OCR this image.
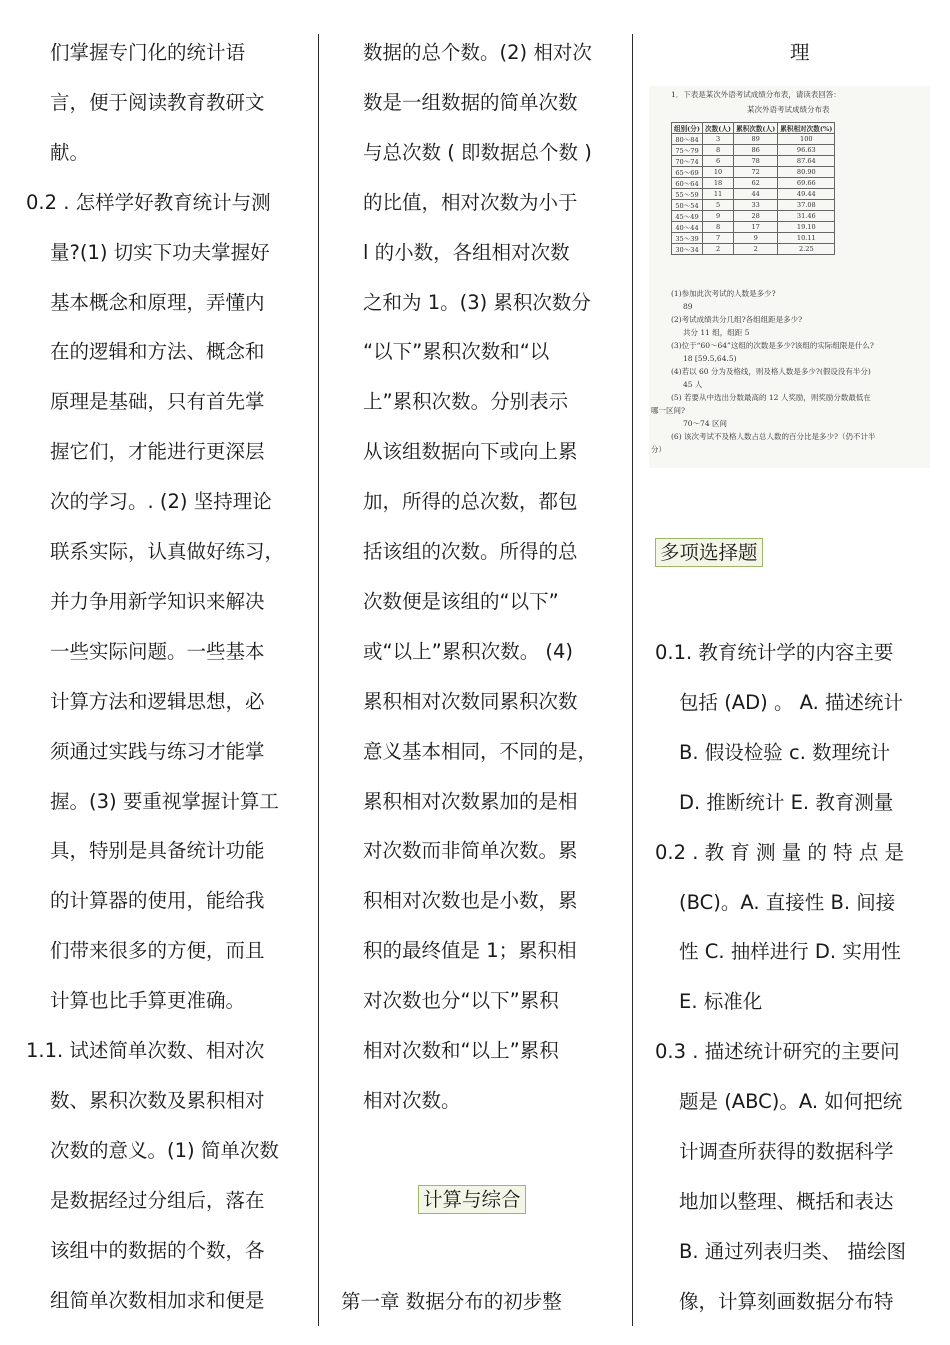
们掌握专门化的统计语
言，便于阅读教育教研文
献。
0.2 . 怎样学好教育统计与测
量?(1) 切实下功夫掌握好
基本概念和原理，弄懂内
在的逻辑和方法、概念和
原理是基础，只有首先掌
握它们，才能进行更深层
次的学习。. (2) 坚持理论
联系实际，认真做好练习，
并力争用新学知识来解决
一些实际问题。一些基本
计算方法和逻辑思想，必
须通过实践与练习才能掌
握。(3) 要重视掌握计算工
具，特别是具备统计功能
的计算器的使用，能给我
们带来很多的方便，而且
计算也比手算更准确。
1.1. 试述简单次数、相对次
数、累积次数及累积相对
次数的意义。(1) 简单次数
是数据经过分组后，落在
该组中的数据的个数，各
组简单次数相加求和便是
数据的总个数。(2) 相对次
数是一组数据的简单次数
与总次数 ( 即数据总个数 )
的比值，相对次数为小于
l 的小数，各组相对次数
之和为 1。(3) 累积次数分
“以下”累积次数和“以
上”累积次数。分别表示
从该组数据向下或向上累
加，所得的总次数，都包
括该组的次数。所得的总
次数便是该组的“以下”
或“以上”累积次数。 (4)
累积相对次数同累积次数
意义基本相同，不同的是，
累积相对次数累加的是相
对次数而非简单次数。累
积相对次数也是小数，累
积的最终值是 1；累积相
对次数也分“以下”累积
相对次数和“以上”累积
相对次数。
0.1. 教育统计学的内容主要
包括 (AD) 。 A. 描述统计
B. 假设检验 c. 数理统计
D. 推断统计 E. 教育测量
0.2 . 教 育 测 量 的 特 点 是
(BC)。A. 直接性 B. 间接
性 C. 抽样进行 D. 实用性
E. 标准化
0.3 . 描述统计研究的主要问
题是 (ABC)。A. 如何把统
计调查所获得的数据科学
地加以整理、概括和表达
B. 通过列表归类、 描绘图
像，计算刻画数据分布特
计算与综合
第一章 数据分布的初步整
理
1．下表是某次外语考试成绩分布表，请读表回答：
某次外语考试成绩分布表
组别(分)	次数(人)	累积次数(人)	累积相对次数(%)
80～84	3	89	100
75～79	8	86	96.63
70～74	6	78	87.64
65～69	10	72	80.90
60～64	18	62	69.66
55～59	11	44	49.44
50～54	5	33	37.08
45～49	9	28	31.46
40～44	8	17	19.10
35～39	7	9	10.11
30～34	2	2	2.25
(1)参加此次考试的人数是多少?
89
(2)考试成绩共分几组?各组组距是多少?
共分 11 组，组距 5
(3)位于“60～64”这组的次数是多少?该组的实际组限是什么?
18 [59.5,64.5)
(4)若以 60 分为及格线，则及格人数是多少?(假设没有半分)
45 人
(5) 若要从中选出分数最高的 12 人奖励，则奖励分数最低在
哪一区间?
70～74 区间
(6) 该次考试不及格人数占总人数的百分比是多少?（仍不计半
分）
多项选择题
